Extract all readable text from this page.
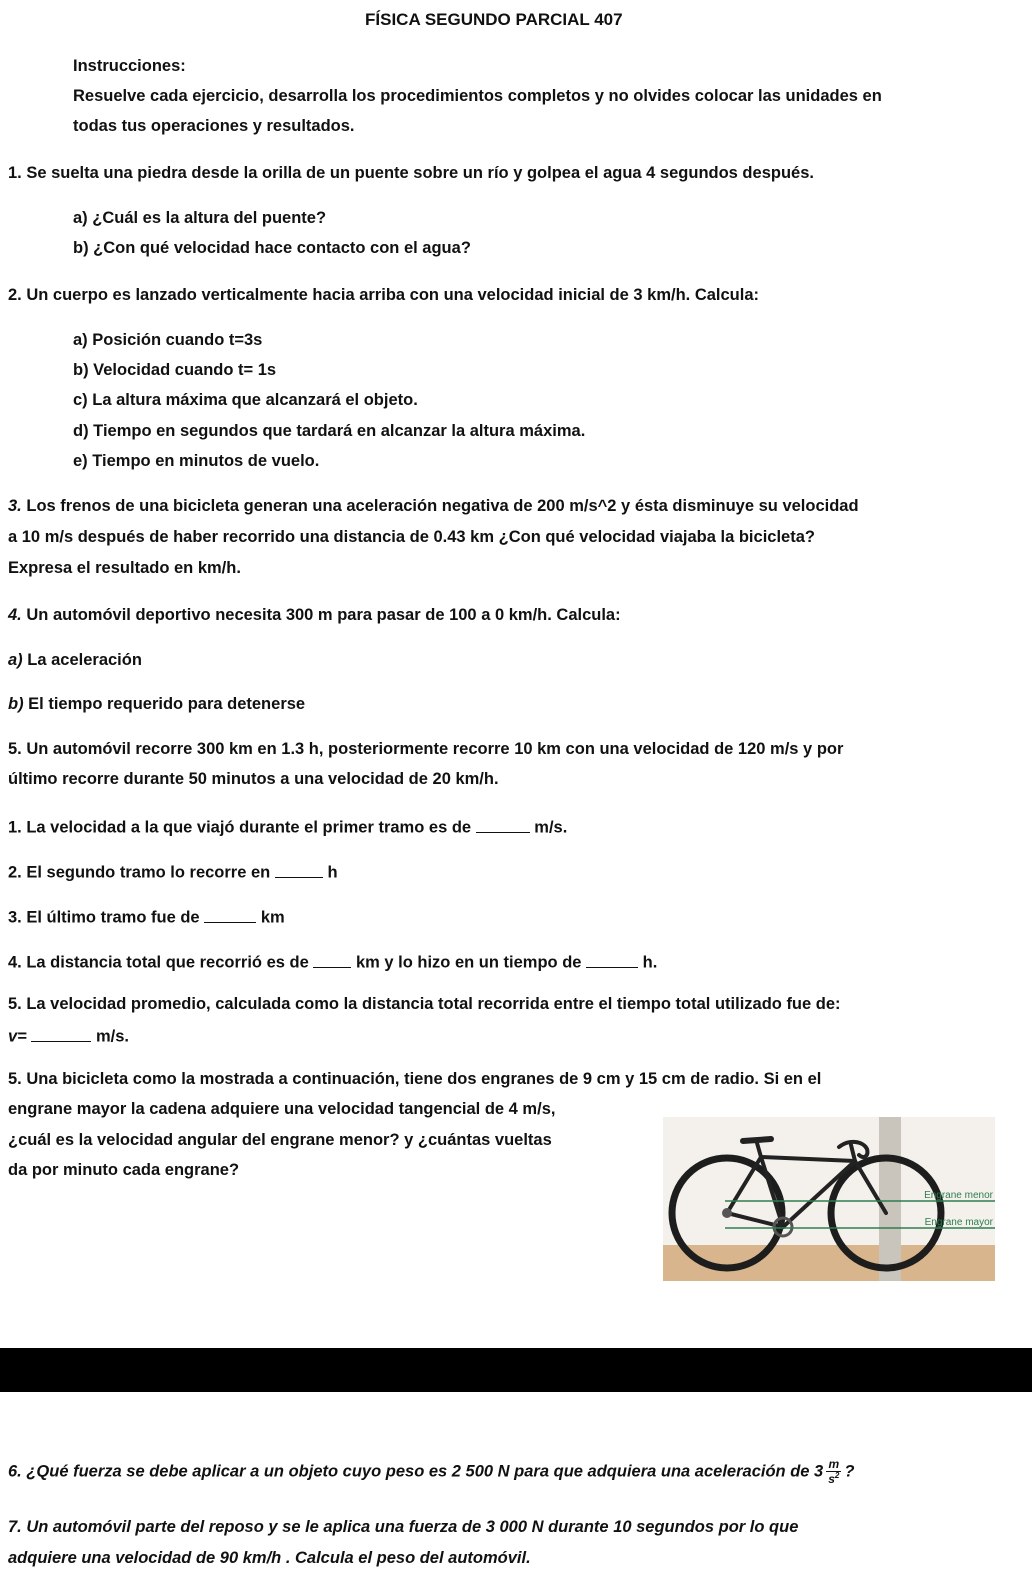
FÍSICA SEGUNDO PARCIAL 407

Instrucciones:

Resuelve cada ejercicio, desarrolla los procedimientos completos y no olvides colocar las unidades en

todas tus operaciones y resultados.

1. Se suelta una piedra desde la orilla de un puente sobre un río y golpea el agua 4 segundos después.

a) ¿Cuál es la altura del puente?

b) ¿Con qué velocidad hace contacto con el agua?

2. Un cuerpo es lanzado verticalmente hacia arriba con una velocidad inicial de 3 km/h. Calcula:

a) Posición cuando t=3s

b) Velocidad cuando t= 1s

c) La altura máxima que alcanzará el objeto.

d) Tiempo en segundos que tardará en alcanzar la altura máxima.

e) Tiempo en minutos de vuelo.

3. Los frenos de una bicicleta generan una aceleración negativa de 200 m/s^2 y ésta disminuye su velocidad

a 10 m/s después de haber recorrido una distancia de 0.43 km ¿Con qué velocidad viajaba la bicicleta?

Expresa el resultado en km/h.

4. Un automóvil deportivo necesita 300 m para pasar de 100 a 0 km/h. Calcula:

a) La aceleración

b) El tiempo requerido para detenerse

5. Un automóvil recorre 300 km en 1.3 h, posteriormente recorre 10 km con una velocidad de 120 m/s y por

último recorre durante 50 minutos a una velocidad de 20 km/h.

1. La velocidad a la que viajó durante el primer tramo es de	m/s.

2. El segundo tramo lo recorre en	h

3. El último tramo fue de	km

4. La distancia total que recorrió es de	km y lo hizo en un tiempo de	h.

5. La velocidad promedio, calculada como la distancia total recorrida entre el tiempo total utilizado fue de:

v=	m/s.

5. Una bicicleta como la mostrada a continuación, tiene dos engranes de 9 cm y 15 cm de radio. Si en el

engrane mayor la cadena adquiere una velocidad tangencial de 4 m/s,

¿cuál es la velocidad angular del engrane menor? y ¿cuántas vueltas

da por minuto cada engrane?

Engrane menor
Engrane mayor

6. ¿Qué fuerza se debe aplicar a un objeto cuyo peso es 2 500 N para que adquiera una aceleración de $3 \frac{m}{s^2}$ ?

7. Un automóvil parte del reposo y se le aplica una fuerza de 3 000 N durante 10 segundos por lo que

adquiere una velocidad de 90 km/h . Calcula el peso del automóvil.
